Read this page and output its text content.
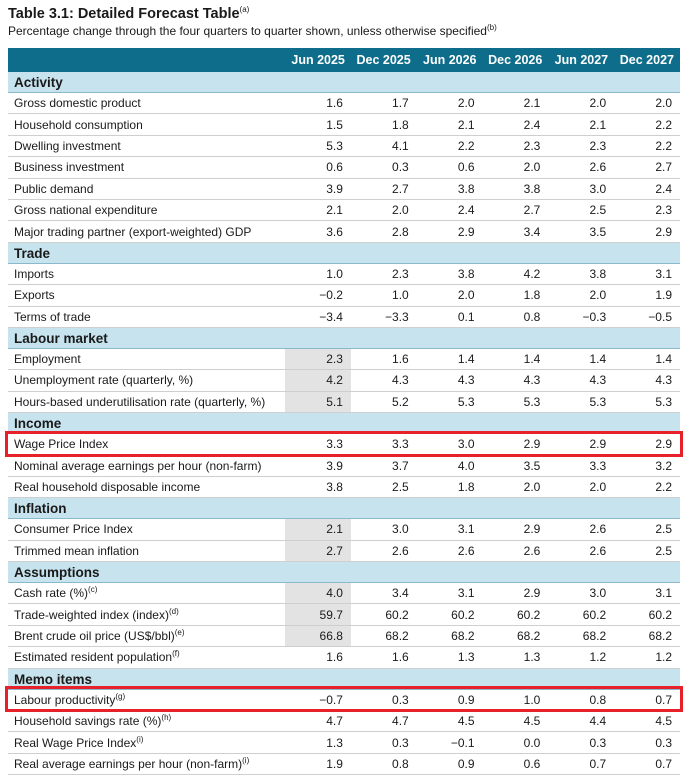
Table 3.1: Detailed Forecast Table$^{(a)}$
Percentage change through the four quarters to quarter shown, unless otherwise specified$^{(b)}$
	Jun 2025	Dec 2025	Jun 2026	Dec 2026	Jun 2027	Dec 2027
Activity						
Gross domestic product	1.6	1.7	2.0	2.1	2.0	2.0
Household consumption	1.5	1.8	2.1	2.4	2.1	2.2
Dwelling investment	5.3	4.1	2.2	2.3	2.3	2.2
Business investment	0.6	0.3	0.6	2.0	2.6	2.7
Public demand	3.9	2.7	3.8	3.8	3.0	2.4
Gross national expenditure	2.1	2.0	2.4	2.7	2.5	2.3
Major trading partner (export-weighted) GDP	3.6	2.8	2.9	3.4	3.5	2.9
Trade						
Imports	1.0	2.3	3.8	4.2	3.8	3.1
Exports	−0.2	1.0	2.0	1.8	2.0	1.9
Terms of trade	−3.4	−3.3	0.1	0.8	−0.3	−0.5
Labour market						
Employment	2.3	1.6	1.4	1.4	1.4	1.4
Unemployment rate (quarterly, %)	4.2	4.3	4.3	4.3	4.3	4.3
Hours-based underutilisation rate (quarterly, %)	5.1	5.2	5.3	5.3	5.3	5.3
Income						
Wage Price Index	3.3	3.3	3.0	2.9	2.9	2.9
Nominal average earnings per hour (non-farm)	3.9	3.7	4.0	3.5	3.3	3.2
Real household disposable income	3.8	2.5	1.8	2.0	2.0	2.2
Inflation						
Consumer Price Index	2.1	3.0	3.1	2.9	2.6	2.5
Trimmed mean inflation	2.7	2.6	2.6	2.6	2.6	2.5
Assumptions						
Cash rate (%)$^{(c)}$	4.0	3.4	3.1	2.9	3.0	3.1
Trade-weighted index (index)$^{(d)}$	59.7	60.2	60.2	60.2	60.2	60.2
Brent crude oil price (US$/bbl)$^{(e)}$	66.8	68.2	68.2	68.2	68.2	68.2
Estimated resident population$^{(f)}$	1.6	1.6	1.3	1.3	1.2	1.2
Memo items						
Labour productivity$^{(g)}$	−0.7	0.3	0.9	1.0	0.8	0.7
Household savings rate (%)$^{(h)}$	4.7	4.7	4.5	4.5	4.4	4.5
Real Wage Price Index$^{(i)}$	1.3	0.3	−0.1	0.0	0.3	0.3
Real average earnings per hour (non-farm)$^{(i)}$	1.9	0.8	0.9	0.6	0.7	0.7
